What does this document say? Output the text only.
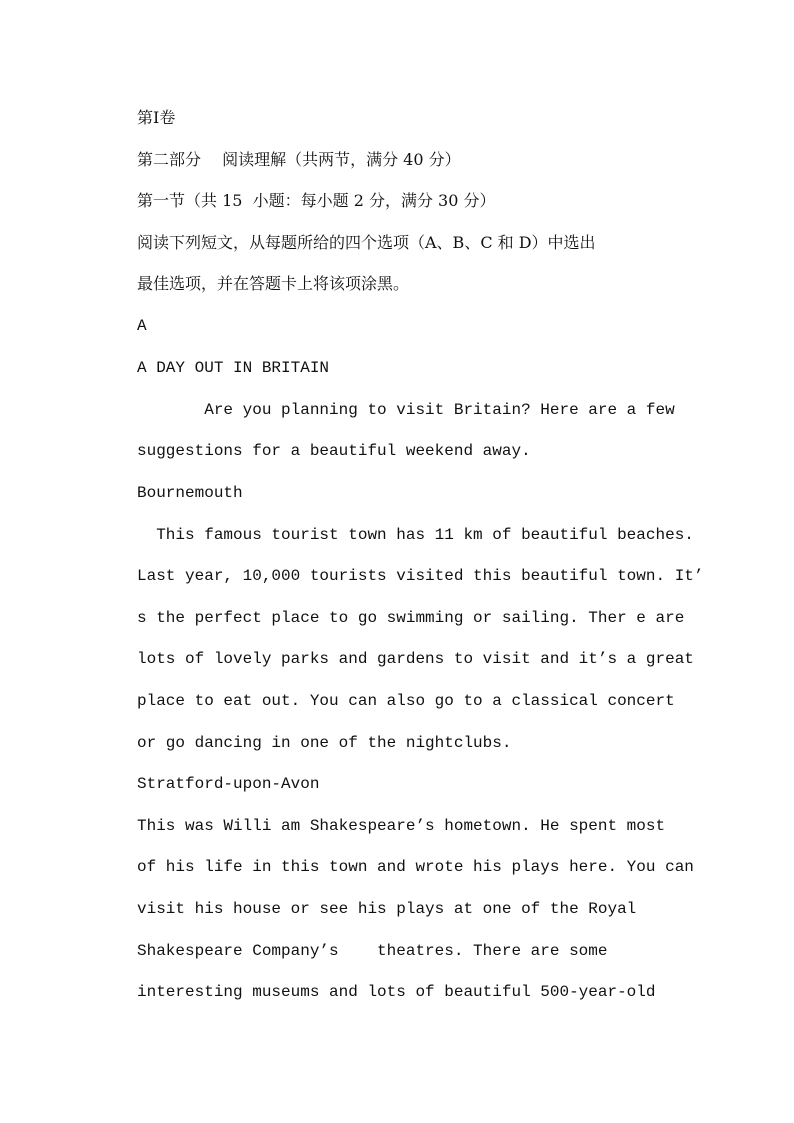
第I卷
第二部分　 阅读理解（共两节，满分 40 分）
第一节（共 15  小题：每小题 2 分，满分 30 分）
阅读下列短文，从每题所给的四个选项（A、B、C 和 D）中选出
最佳选项，并在答题卡上将该项涂黑。
A
A DAY OUT IN BRITAIN
Are you planning to visit Britain? Here are a few
suggestions for a beautiful weekend away.
Bournemouth
This famous tourist town has 11 km of beautiful beaches.
Last year, 10,000 tourists visited this beautiful town. It’
s the perfect place to go swimming or sailing. Ther e are
lots of lovely parks and gardens to visit and it’s a great
place to eat out. You can also go to a classical concert
or go dancing in one of the nightclubs.
Stratford-upon-Avon
This was Willi am Shakespeare’s hometown. He spent most
of his life in this town and wrote his plays here. You can
visit his house or see his plays at one of the Royal
Shakespeare Company’s    theatres. There are some
interesting museums and lots of beautiful 500-year-old
